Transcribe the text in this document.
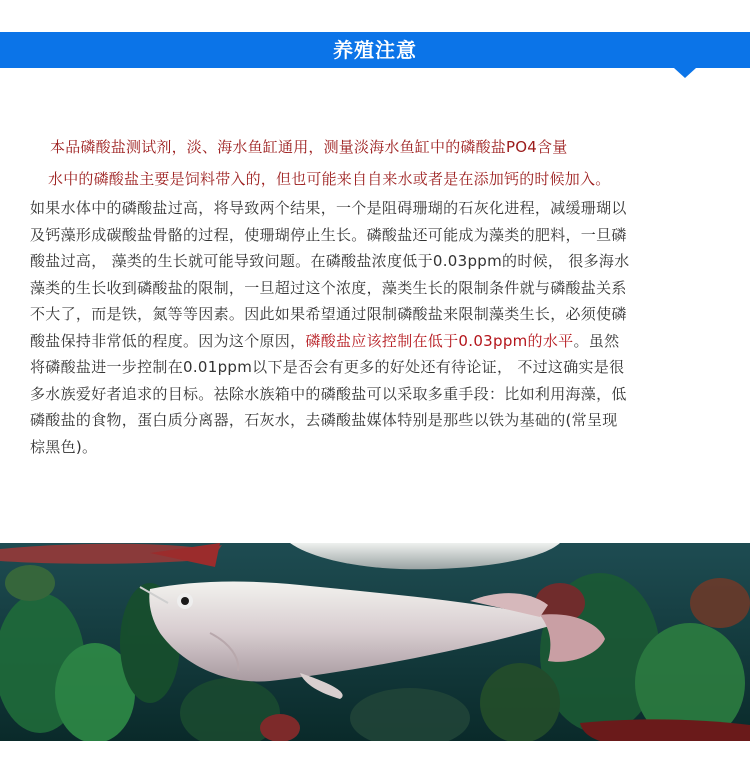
养殖注意
本品磷酸盐测试剂，淡、海水鱼缸通用，测量淡海水鱼缸中的磷酸盐PO4含量
水中的磷酸盐主要是饲料带入的，但也可能来自自来水或者是在添加钙的时候加入。

如果水体中的磷酸盐过高，将导致两个结果，一个是阻碍珊瑚的石灰化进程，减缓珊瑚以

及钙藻形成碳酸盐骨骼的过程，使珊瑚停止生长。磷酸盐还可能成为藻类的肥料，一旦磷

酸盐过高， 藻类的生长就可能导致问题。在磷酸盐浓度低于0.03ppm的时候， 很多海水

藻类的生长收到磷酸盐的限制，一旦超过这个浓度，藻类生长的限制条件就与磷酸盐关系

不大了，而是铁，氮等等因素。因此如果希望通过限制磷酸盐来限制藻类生长，必须使磷

酸盐保持非常低的程度。因为这个原因，磷酸盐应该控制在低于0.03ppm的水平。虽然

将磷酸盐进一步控制在0.01ppm以下是否会有更多的好处还有待论证， 不过这确实是很

多水族爱好者追求的目标。祛除水族箱中的磷酸盐可以采取多重手段：比如利用海藻，低

磷酸盐的食物，蛋白质分离器，石灰水，去磷酸盐媒体特别是那些以铁为基础的(常呈现

棕黑色)。
